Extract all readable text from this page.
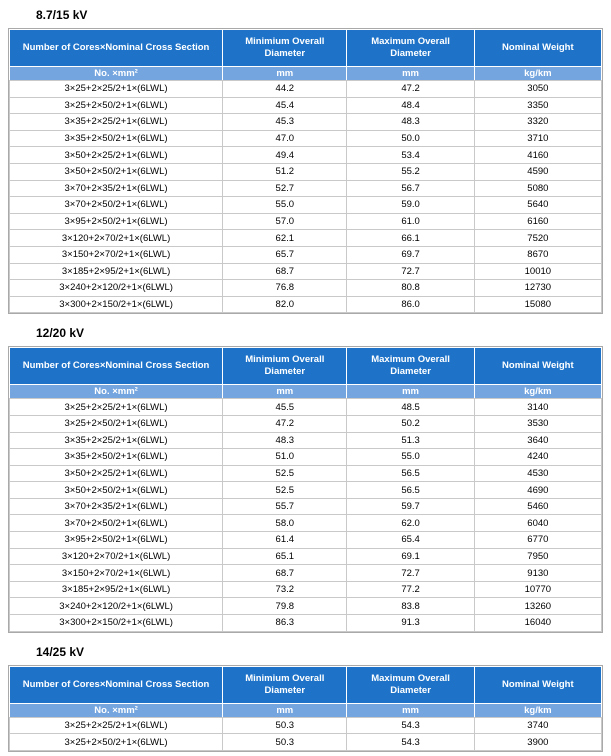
8.7/15 kV
Number of Cores×Nominal Cross Section	Minimium Overall Diameter	Maximum Overall Diameter	Nominal Weight
No. ×mm²	mm	mm	kg/km
3×25+2×25/2+1×(6LWL)	44.2	47.2	3050
3×25+2×50/2+1×(6LWL)	45.4	48.4	3350
3×35+2×25/2+1×(6LWL)	45.3	48.3	3320
3×35+2×50/2+1×(6LWL)	47.0	50.0	3710
3×50+2×25/2+1×(6LWL)	49.4	53.4	4160
3×50+2×50/2+1×(6LWL)	51.2	55.2	4590
3×70+2×35/2+1×(6LWL)	52.7	56.7	5080
3×70+2×50/2+1×(6LWL)	55.0	59.0	5640
3×95+2×50/2+1×(6LWL)	57.0	61.0	6160
3×120+2×70/2+1×(6LWL)	62.1	66.1	7520
3×150+2×70/2+1×(6LWL)	65.7	69.7	8670
3×185+2×95/2+1×(6LWL)	68.7	72.7	10010
3×240+2×120/2+1×(6LWL)	76.8	80.8	12730
3×300+2×150/2+1×(6LWL)	82.0	86.0	15080
12/20 kV
Number of Cores×Nominal Cross Section	Minimium Overall Diameter	Maximum Overall Diameter	Nominal Weight
No. ×mm²	mm	mm	kg/km
3×25+2×25/2+1×(6LWL)	45.5	48.5	3140
3×25+2×50/2+1×(6LWL)	47.2	50.2	3530
3×35+2×25/2+1×(6LWL)	48.3	51.3	3640
3×35+2×50/2+1×(6LWL)	51.0	55.0	4240
3×50+2×25/2+1×(6LWL)	52.5	56.5	4530
3×50+2×50/2+1×(6LWL)	52.5	56.5	4690
3×70+2×35/2+1×(6LWL)	55.7	59.7	5460
3×70+2×50/2+1×(6LWL)	58.0	62.0	6040
3×95+2×50/2+1×(6LWL)	61.4	65.4	6770
3×120+2×70/2+1×(6LWL)	65.1	69.1	7950
3×150+2×70/2+1×(6LWL)	68.7	72.7	9130
3×185+2×95/2+1×(6LWL)	73.2	77.2	10770
3×240+2×120/2+1×(6LWL)	79.8	83.8	13260
3×300+2×150/2+1×(6LWL)	86.3	91.3	16040
14/25 kV
Number of Cores×Nominal Cross Section	Minimium Overall Diameter	Maximum Overall Diameter	Nominal Weight
No. ×mm²	mm	mm	kg/km
3×25+2×25/2+1×(6LWL)	50.3	54.3	3740
3×25+2×50/2+1×(6LWL)	50.3	54.3	3900
